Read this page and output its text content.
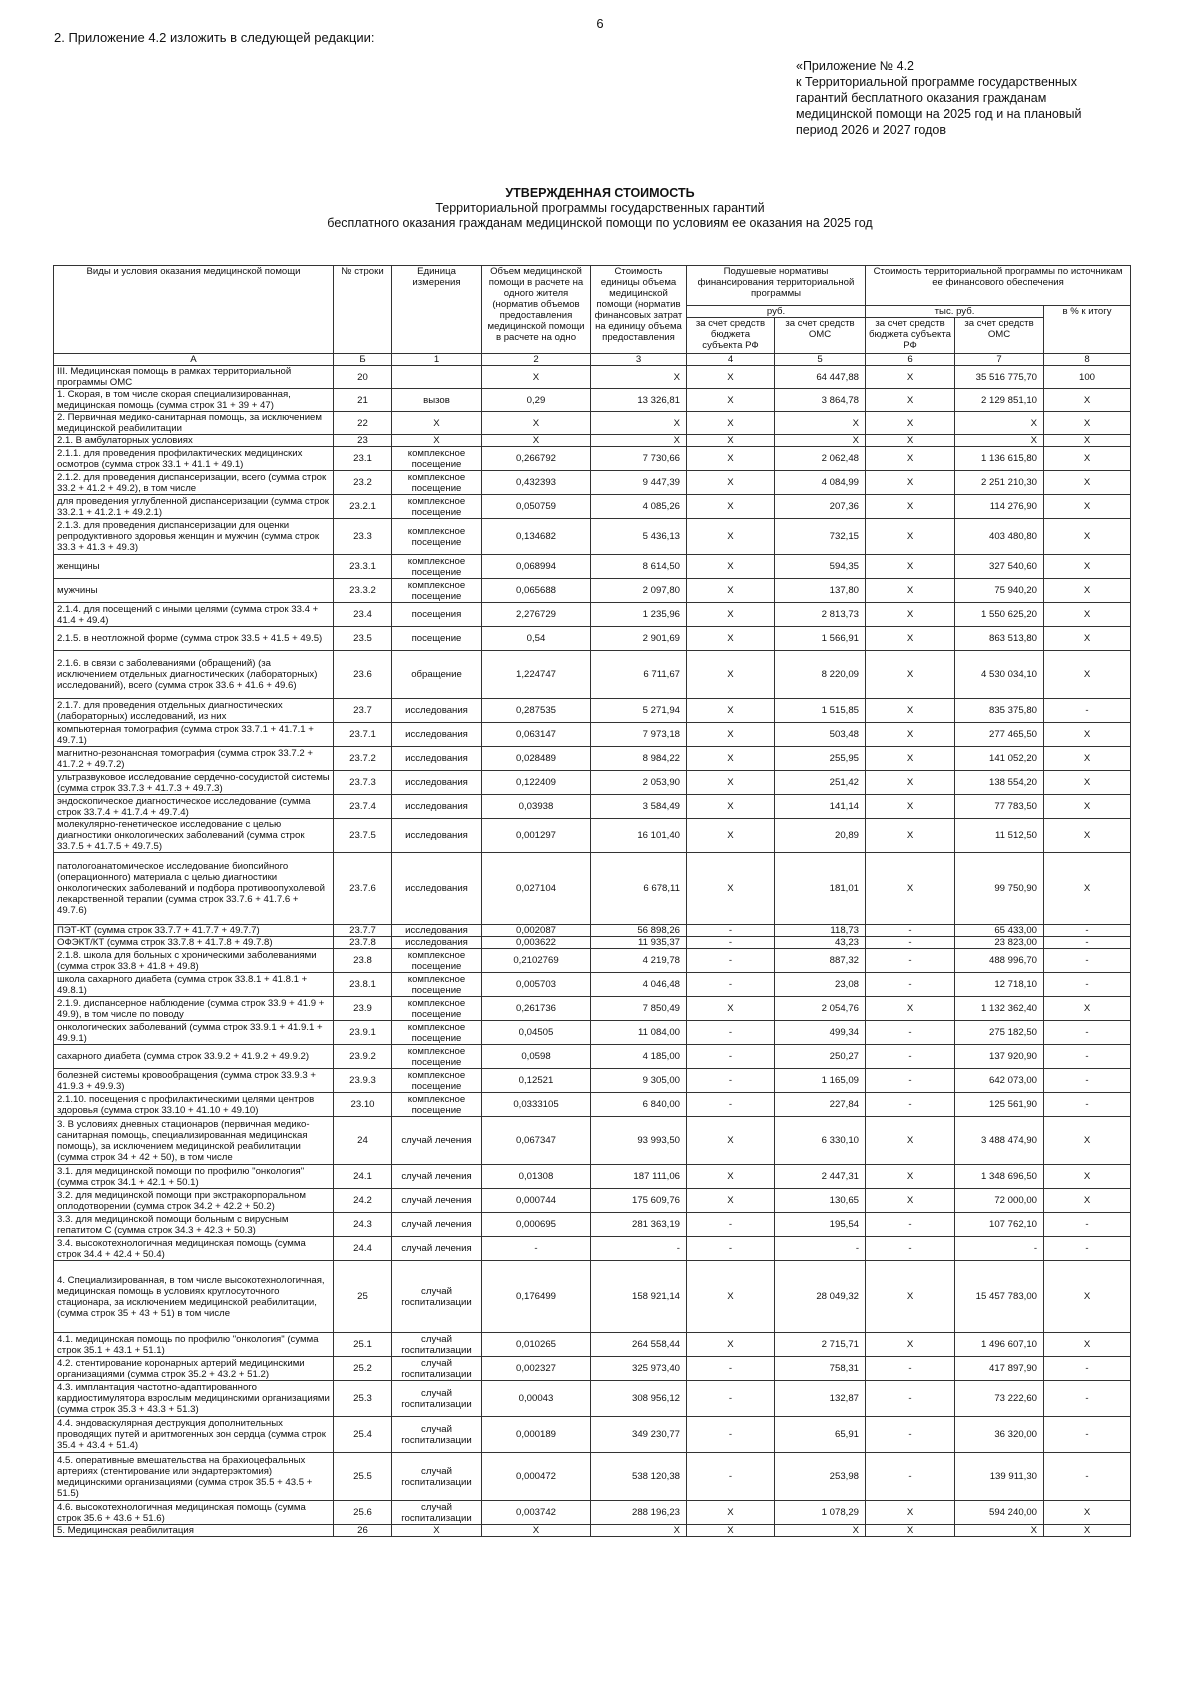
6
2. Приложение 4.2 изложить в следующей редакции:
«Приложение № 4.2
к Территориальной программе государственных
гарантий бесплатного оказания гражданам
медицинской помощи на 2025 год и на плановый
период 2026 и 2027 годов
УТВЕРЖДЕННАЯ СТОИМОСТЬ
Территориальной программы государственных гарантий
бесплатного оказания гражданам медицинской помощи по условиям ее оказания на 2025 год
Виды и условия оказания медицинской помощи	№ строки	Единица измерения	Объем медицинской помощи в расчете на одного жителя (норматив объемов предоставления медицинской помощи в расчете на одно	Стоимость единицы объема медицинской помощи (норматив финансовых затрат на единицу объема предоставления	Подушевые нормативы финансирования территориальной программы		Стоимость территориальной программы по источникам ее финансового обеспечения		
					руб.		тыс. руб.		в % к итогу
					за счет средств бюджета субъекта РФ	за счет средств ОМС	за счет средств бюджета субъекта РФ	за счет средств ОМС	
А	Б	1	2	3	4	5	6	7	8
III. Медицинская помощь в рамках территориальной программы ОМС	20		X	X	X	64 447,88	X	35 516 775,70	100
1. Скорая, в том числе скорая специализированная, медицинская помощь (сумма строк 31 + 39 + 47)	21	вызов	0,29	13 326,81	X	3 864,78	X	2 129 851,10	X
2. Первичная медико-санитарная помощь, за исключением медицинской реабилитации	22	X	X	X	X	X	X	X	X
2.1. В амбулаторных условиях	23	X	X	X	X	X	X	X	X
2.1.1. для проведения профилактических медицинских осмотров (сумма строк 33.1 + 41.1 + 49.1)	23.1	комплексное посещение	0,266792	7 730,66	X	2 062,48	X	1 136 615,80	X
2.1.2. для проведения диспансеризации, всего (сумма строк 33.2 + 41.2 + 49.2), в том числе	23.2	комплексное посещение	0,432393	9 447,39	X	4 084,99	X	2 251 210,30	X
для проведения углубленной диспансеризации (сумма строк 33.2.1 + 41.2.1 + 49.2.1)	23.2.1	комплексное посещение	0,050759	4 085,26	X	207,36	X	114 276,90	X
2.1.3. для проведения диспансеризации для оценки репродуктивного здоровья женщин и мужчин (сумма строк 33.3 + 41.3 + 49.3)	23.3	комплексное посещение	0,134682	5 436,13	X	732,15	X	403 480,80	X
женщины	23.3.1	комплексное посещение	0,068994	8 614,50	X	594,35	X	327 540,60	X
мужчины	23.3.2	комплексное посещение	0,065688	2 097,80	X	137,80	X	75 940,20	X
2.1.4. для посещений с иными целями (сумма строк 33.4 + 41.4 + 49.4)	23.4	посещения	2,276729	1 235,96	X	2 813,73	X	1 550 625,20	X
2.1.5. в неотложной форме (сумма строк 33.5 + 41.5 + 49.5)	23.5	посещение	0,54	2 901,69	X	1 566,91	X	863 513,80	X
2.1.6. в связи с заболеваниями (обращений) (за исключением отдельных диагностических (лабораторных) исследований), всего (сумма строк 33.6 + 41.6 + 49.6)	23.6	обращение	1,224747	6 711,67	X	8 220,09	X	4 530 034,10	X
2.1.7. для проведения отдельных диагностических (лабораторных) исследований, из них	23.7	исследования	0,287535	5 271,94	X	1 515,85	X	835 375,80	-
компьютерная томография (сумма строк 33.7.1 + 41.7.1 + 49.7.1)	23.7.1	исследования	0,063147	7 973,18	X	503,48	X	277 465,50	X
магнитно-резонансная томография (сумма строк 33.7.2 + 41.7.2 + 49.7.2)	23.7.2	исследования	0,028489	8 984,22	X	255,95	X	141 052,20	X
ультразвуковое исследование сердечно-сосудистой системы (сумма строк 33.7.3 + 41.7.3 + 49.7.3)	23.7.3	исследования	0,122409	2 053,90	X	251,42	X	138 554,20	X
эндоскопическое диагностическое исследование (сумма строк 33.7.4 + 41.7.4 + 49.7.4)	23.7.4	исследования	0,03938	3 584,49	X	141,14	X	77 783,50	X
молекулярно-генетическое исследование с целью диагностики онкологических заболеваний (сумма строк 33.7.5 + 41.7.5 + 49.7.5)	23.7.5	исследования	0,001297	16 101,40	X	20,89	X	11 512,50	X
патологоанатомическое исследование биопсийного (операционного) материала с целью диагностики онкологических заболеваний и подбора противоопухолевой лекарственной терапии (сумма строк 33.7.6 + 41.7.6 + 49.7.6)	23.7.6	исследования	0,027104	6 678,11	X	181,01	X	99 750,90	X
ПЭТ-КТ (сумма строк 33.7.7 + 41.7.7 + 49.7.7)	23.7.7	исследования	0,002087	56 898,26	-	118,73	-	65 433,00	-
ОФЭКТ/КТ (сумма строк 33.7.8 + 41.7.8 + 49.7.8)	23.7.8	исследования	0,003622	11 935,37	-	43,23	-	23 823,00	-
2.1.8. школа для больных с хроническими заболеваниями (сумма строк 33.8 + 41.8 + 49.8)	23.8	комплексное посещение	0,2102769	4 219,78	-	887,32	-	488 996,70	-
школа сахарного диабета (сумма строк 33.8.1 + 41.8.1 + 49.8.1)	23.8.1	комплексное посещение	0,005703	4 046,48	-	23,08	-	12 718,10	-
2.1.9. диспансерное наблюдение (сумма строк 33.9 + 41.9 + 49.9), в том числе по поводу	23.9	комплексное посещение	0,261736	7 850,49	X	2 054,76	X	1 132 362,40	X
онкологических заболеваний (сумма строк 33.9.1 + 41.9.1 + 49.9.1)	23.9.1	комплексное посещение	0,04505	11 084,00	-	499,34	-	275 182,50	-
сахарного диабета (сумма строк 33.9.2 + 41.9.2 + 49.9.2)	23.9.2	комплексное посещение	0,0598	4 185,00	-	250,27	-	137 920,90	-
болезней системы кровообращения (сумма строк 33.9.3 + 41.9.3 + 49.9.3)	23.9.3	комплексное посещение	0,12521	9 305,00	-	1 165,09	-	642 073,00	-
2.1.10. посещения с профилактическими целями центров здоровья (сумма строк 33.10 + 41.10 + 49.10)	23.10	комплексное посещение	0,0333105	6 840,00	-	227,84	-	125 561,90	-
3. В условиях дневных стационаров (первичная медико-санитарная помощь, специализированная медицинская помощь), за исключением медицинской реабилитации (сумма строк 34 + 42 + 50), в том числе	24	случай лечения	0,067347	93 993,50	X	6 330,10	X	3 488 474,90	X
3.1. для медицинской помощи по профилю "онкология" (сумма строк 34.1 + 42.1 + 50.1)	24.1	случай лечения	0,01308	187 111,06	X	2 447,31	X	1 348 696,50	X
3.2. для медицинской помощи при экстракорпоральном оплодотворении (сумма строк 34.2 + 42.2 + 50.2)	24.2	случай лечения	0,000744	175 609,76	X	130,65	X	72 000,00	X
3.3. для медицинской помощи больным с вирусным гепатитом С (сумма строк 34.3 + 42.3 + 50.3)	24.3	случай лечения	0,000695	281 363,19	-	195,54	-	107 762,10	-
3.4. высокотехнологичная медицинская помощь (сумма строк 34.4 + 42.4 + 50.4)	24.4	случай лечения	-	-	-	-	-	-	-
4. Специализированная, в том числе высокотехнологичная, медицинская помощь в условиях круглосуточного стационара, за исключением медицинской реабилитации, (сумма строк 35 + 43 + 51) в том числе	25	случай госпитализации	0,176499	158 921,14	X	28 049,32	X	15 457 783,00	X
4.1. медицинская помощь по профилю "онкология" (сумма строк 35.1 + 43.1 + 51.1)	25.1	случай госпитализации	0,010265	264 558,44	X	2 715,71	X	1 496 607,10	X
4.2. стентирование коронарных артерий медицинскими организациями (сумма строк 35.2 + 43.2 + 51.2)	25.2	случай госпитализации	0,002327	325 973,40	-	758,31	-	417 897,90	-
4.3. имплантация частотно-адаптированного кардиостимулятора взрослым медицинскими организациями (сумма строк 35.3 + 43.3 + 51.3)	25.3	случай госпитализации	0,00043	308 956,12	-	132,87	-	73 222,60	-
4.4. эндоваскулярная деструкция дополнительных проводящих путей и аритмогенных зон сердца (сумма строк 35.4 + 43.4 + 51.4)	25.4	случай госпитализации	0,000189	349 230,77	-	65,91	-	36 320,00	-
4.5. оперативные вмешательства на брахиоцефальных артериях (стентирование или эндартерэктомия) медицинскими организациями (сумма строк 35.5 + 43.5 + 51.5)	25.5	случай госпитализации	0,000472	538 120,38	-	253,98	-	139 911,30	-
4.6. высокотехнологичная медицинская помощь (сумма строк 35.6 + 43.6 + 51.6)	25.6	случай госпитализации	0,003742	288 196,23	X	1 078,29	X	594 240,00	X
5. Медицинская реабилитация	26	X	X	X	X	X	X	X	X
